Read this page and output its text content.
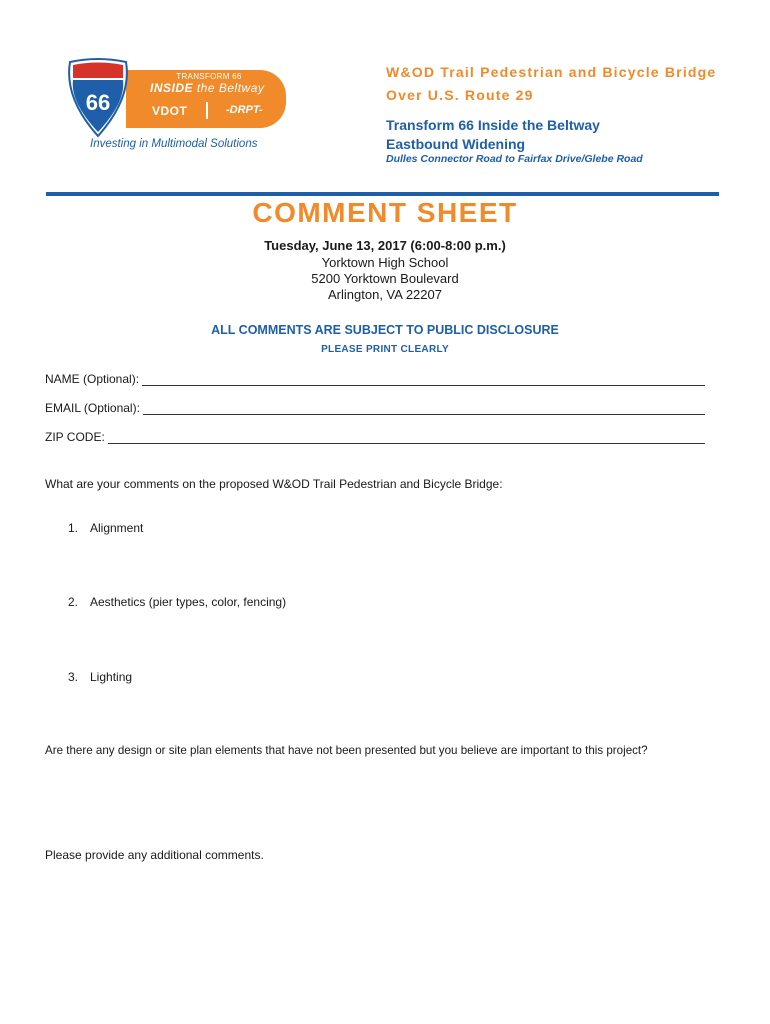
66
TRANSFORM 66
INSIDE the Beltway
VDOT	-DRPT-
Investing in Multimodal Solutions
W&OD Trail Pedestrian and Bicycle Bridge
Over U.S. Route 29
Transform 66 Inside the Beltway
Eastbound Widening
Dulles Connector Road to Fairfax Drive/Glebe Road
COMMENT SHEET
Tuesday, June 13, 2017 (6:00-8:00 p.m.)
Yorktown High School
5200 Yorktown Boulevard
Arlington, VA 22207
ALL COMMENTS ARE SUBJECT TO PUBLIC DISCLOSURE
PLEASE PRINT CLEARLY
NAME (Optional):
EMAIL (Optional):
ZIP CODE:
What are your comments on the proposed W&OD Trail Pedestrian and Bicycle Bridge:
1. Alignment
2. Aesthetics (pier types, color, fencing)
3. Lighting
Are there any design or site plan elements that have not been presented but you believe are important to this project?
Please provide any additional comments.
